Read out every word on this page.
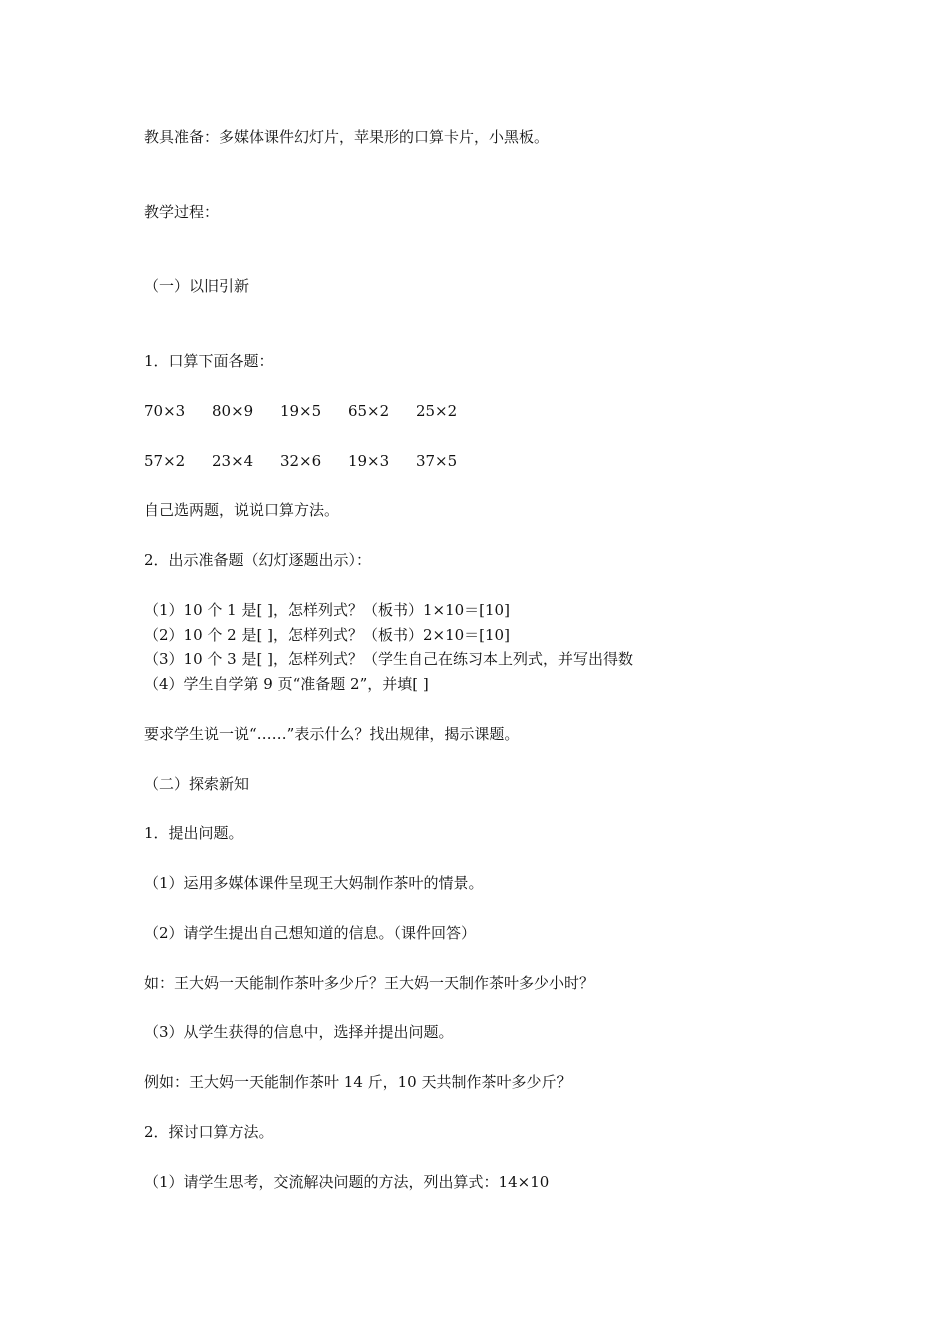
教具准备：多媒体课件幻灯片，苹果形的口算卡片，小黑板。
教学过程：
（一）以旧引新
1．口算下面各题：
70×3 80×9 19×5 65×2 25×2
57×2 23×4 32×6 19×3 37×5
自己选两题，说说口算方法。
2．出示准备题（幻灯逐题出示）：
（1）10 个 1 是[ ]，怎样列式？（板书）1×10＝[10]
（2）10 个 2 是[ ]，怎样列式？（板书）2×10＝[10]
（3）10 个 3 是[ ]，怎样列式？（学生自己在练习本上列式，并写出得数
（4）学生自学第 9 页“准备题 2”，并填[ ]
要求学生说一说“……”表示什么？找出规律，揭示课题。
（二）探索新知
1．提出问题。
（1）运用多媒体课件呈现王大妈制作茶叶的情景。
（2）请学生提出自己想知道的信息。（课件回答）
如：王大妈一天能制作茶叶多少斤？王大妈一天制作茶叶多少小时？
（3）从学生获得的信息中，选择并提出问题。
例如：王大妈一天能制作茶叶 14 斤，10 天共制作茶叶多少斤？
2．探讨口算方法。
（1）请学生思考，交流解决问题的方法，列出算式：14×10
